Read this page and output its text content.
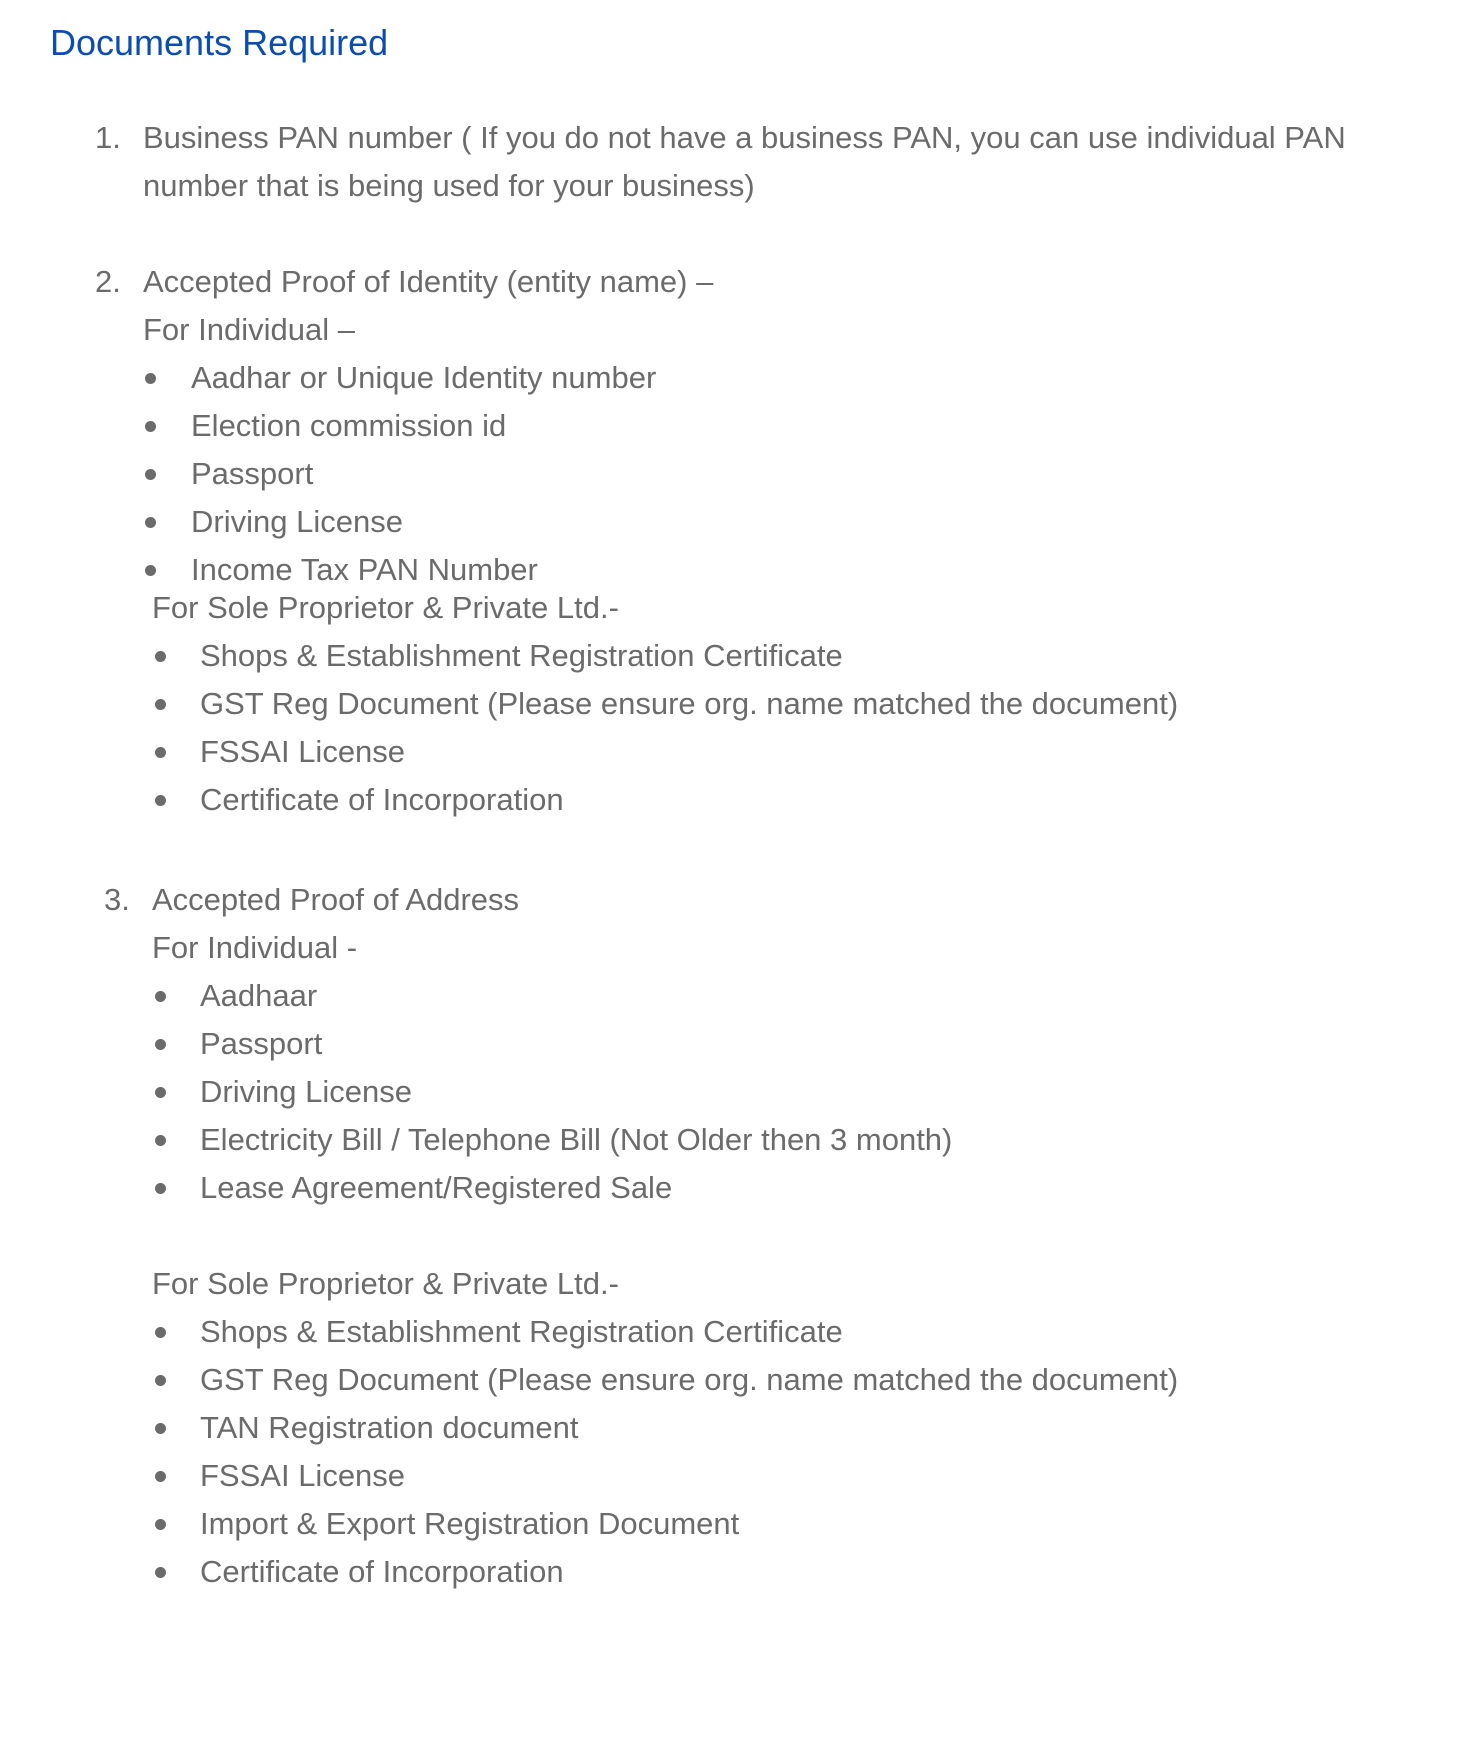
Documents Required
1. Business PAN number ( If you do not have a business PAN, you can use individual PAN
number that is being used for your business)
2. Accepted Proof of Identity (entity name) –
For Individual –
Aadhar or Unique Identity number
Election commission id
Passport
Driving License
Income Tax PAN Number
For Sole Proprietor & Private Ltd.-
Shops & Establishment Registration Certificate
GST Reg Document (Please ensure org. name matched the document)
FSSAI License
Certificate of Incorporation
3. Accepted Proof of Address
For Individual -
Aadhaar
Passport
Driving License
Electricity Bill / Telephone Bill (Not Older then 3 month)
Lease Agreement/Registered Sale
For Sole Proprietor & Private Ltd.-
Shops & Establishment Registration Certificate
GST Reg Document (Please ensure org. name matched the document)
TAN Registration document
FSSAI License
Import & Export Registration Document
Certificate of Incorporation
